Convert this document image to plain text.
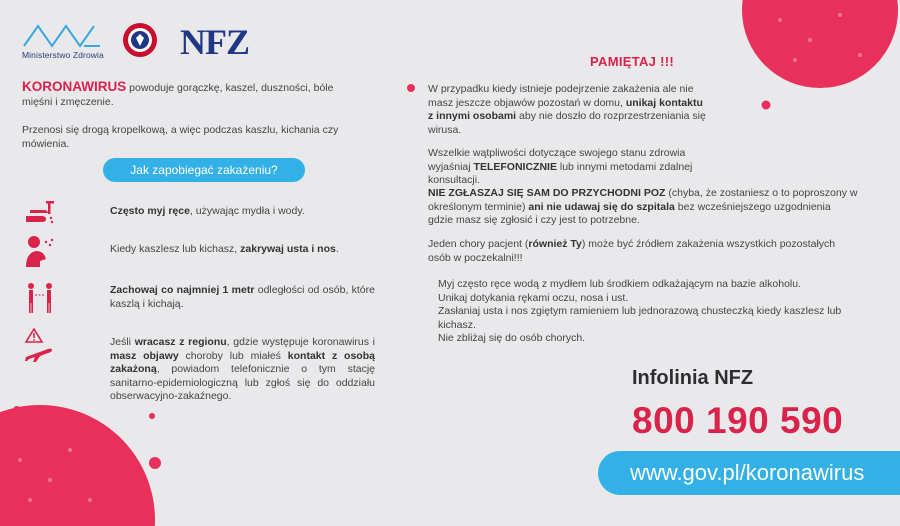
Ministerstwo Zdrowia NFZ
KORONAWIRUS powoduje gorączkę, kaszel, duszności, bóle mięśni i zmęczenie.
Przenosi się drogą kropelkową, a więc podczas kaszlu, kichania czy mówienia.
Jak zapobiegać zakażeniu?
Często myj ręce, używając mydła i wody.
Kiedy kaszlesz lub kichasz, zakrywaj usta i nos.
Zachowaj co najmniej 1 metr odległości od osób, które kaszlą i kichają.
Jeśli wracasz z regionu, gdzie występuje koronawirus i masz objawy choroby lub miałeś kontakt z osobą zakażoną, powiadom telefonicznie o tym stację sanitarno-epidemiologiczną lub zgłoś się do oddziału obserwacyjno-zakaźnego.
PAMIĘTAJ !!!
W przypadku kiedy istnieje podejrzenie zakażenia ale nie masz jeszcze objawów pozostań w domu, unikaj kontaktu z innymi osobami aby nie doszło do rozprzestrzeniania się wirusa.
Wszelkie wątpliwości dotyczące swojego stanu zdrowia wyjaśniaj TELEFONICZNIE lub innymi metodami zdalnej konsultacji.
NIE ZGŁASZAJ SIĘ SAM DO PRZYCHODNI POZ (chyba, że zostaniesz o to poproszony w określonym terminie) ani nie udawaj się do szpitala bez wcześniejszego uzgodnienia gdzie masz się zgłosić i czy jest to potrzebne.
Jeden chory pacjent (również Ty) może być źródłem zakażenia wszystkich pozostałych osób w poczekalni!!!
Myj często ręce wodą z mydłem lub środkiem odkażającym na bazie alkoholu.
Unikaj dotykania rękami oczu, nosa i ust.
Zasłaniaj usta i nos zgiętym ramieniem lub jednorazową chusteczką kiedy kaszlesz lub kichasz.
Nie zbliżaj się do osób chorych.
Infolinia NFZ
800 190 590
www.gov.pl/koronawirus
